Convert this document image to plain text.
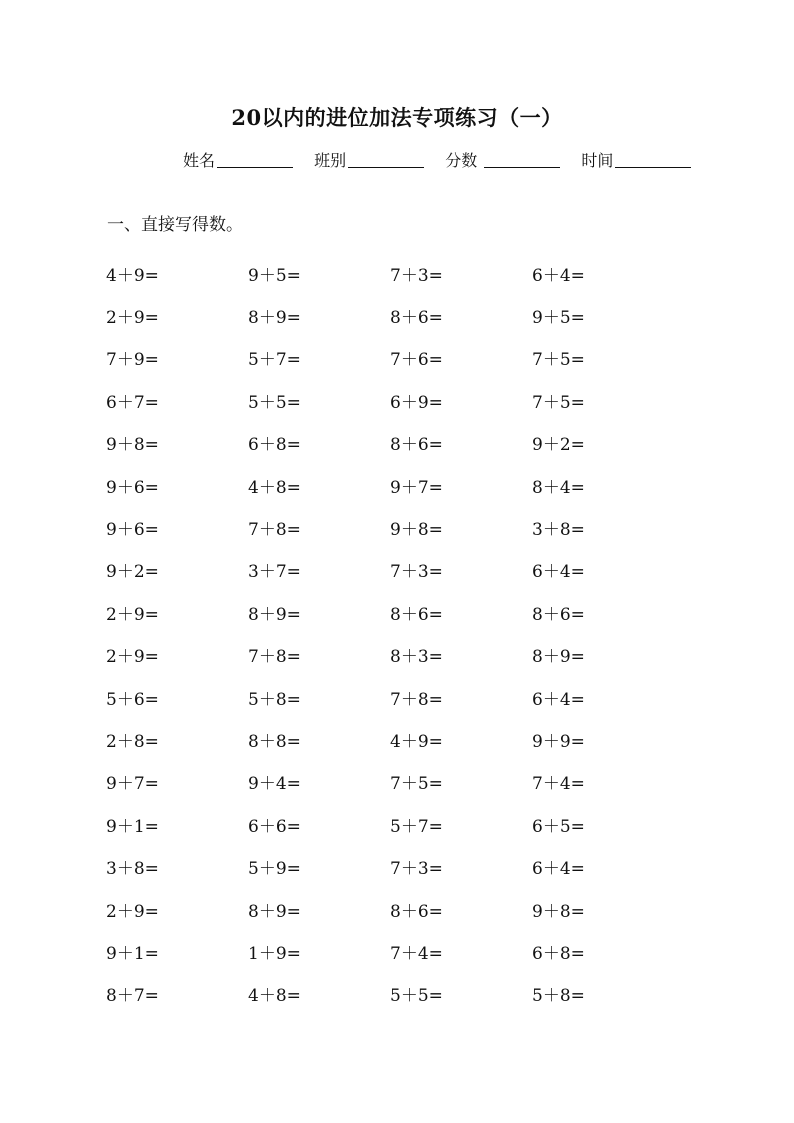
20以内的进位加法专项练习（一）
姓名	班别	分数	时间
一、直接写得数。
4＋9=	9＋5=	7＋3=	6＋4=
2＋9=	8＋9=	8＋6=	9＋5=
7＋9=	5＋7=	7＋6=	7＋5=
6＋7=	5＋5=	6＋9=	7＋5=
9＋8=	6＋8=	8＋6=	9＋2=
9＋6=	4＋8=	9＋7=	8＋4=
9＋6=	7＋8=	9＋8=	3＋8=
9＋2=	3＋7=	7＋3=	6＋4=
2＋9=	8＋9=	8＋6=	8＋6=
2＋9=	7＋8=	8＋3=	8＋9=
5＋6=	5＋8=	7＋8=	6＋4=
2＋8=	8＋8=	4＋9=	9＋9=
9＋7=	9＋4=	7＋5=	7＋4=
9＋1=	6＋6=	5＋7=	6＋5=
3＋8=	5＋9=	7＋3=	6＋4=
2＋9=	8＋9=	8＋6=	9＋8=
9＋1=	1＋9=	7＋4=	6＋8=
8＋7=	4＋8=	5＋5=	5＋8=
